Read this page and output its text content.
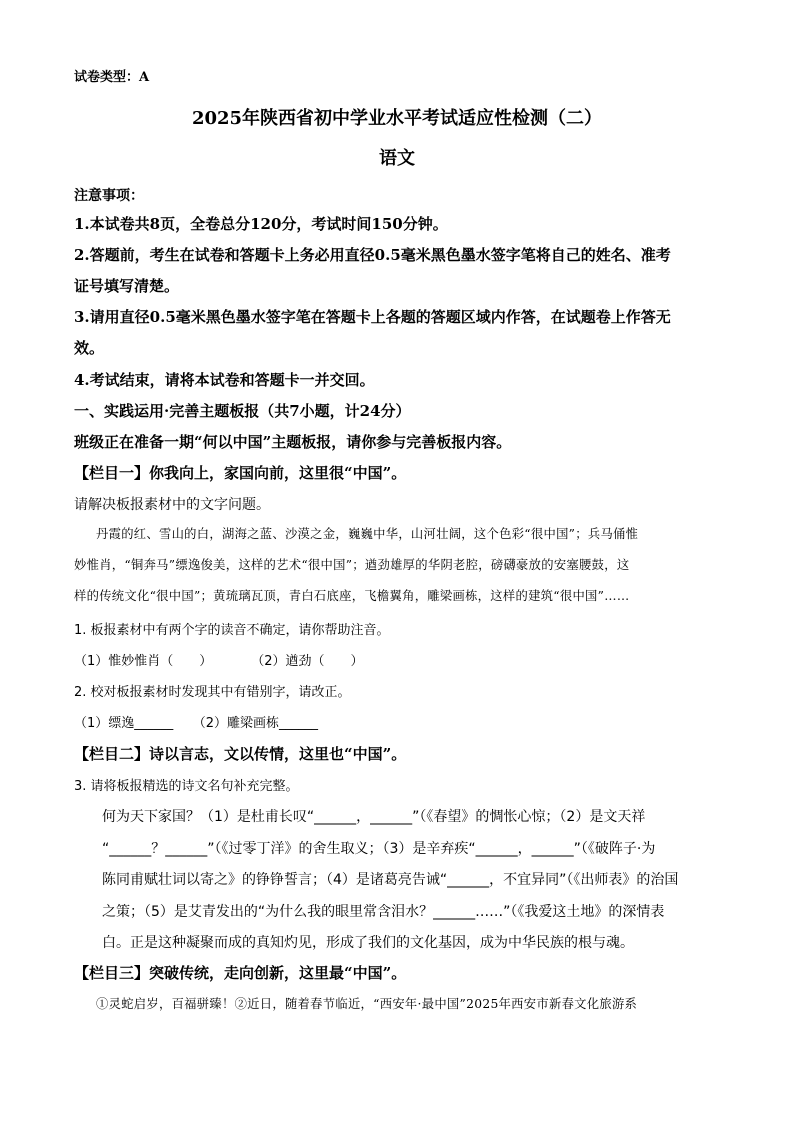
试卷类型：A
2025年陕西省初中学业水平考试适应性检测（二）
语文
注意事项：
1.本试卷共8页，全卷总分120分，考试时间150分钟。
2.答题前，考生在试卷和答题卡上务必用直径0.5毫米黑色墨水签字笔将自己的姓名、准考
证号填写清楚。
3.请用直径0.5毫米黑色墨水签字笔在答题卡上各题的答题区域内作答，在试题卷上作答无
效。
4.考试结束，请将本试卷和答题卡一并交回。
一、实践运用·完善主题板报（共7小题，计24分）
班级正在准备一期“何以中国”主题板报，请你参与完善板报内容。
【栏目一】你我向上，家国向前，这里很“中国”。
请解决板报素材中的文字问题。
丹霞的红、雪山的白，湖海之蓝、沙漠之金，巍巍中华，山河壮阔，这个色彩“很中国”；兵马俑惟
妙惟肖，“铜奔马”缥逸俊美，这样的艺术“很中国”；遒劲雄厚的华阴老腔，磅礴豪放的安塞腰鼓，这
样的传统文化“很中国”；黄琉璃瓦顶，青白石底座，飞檐翼角，雕梁画栋，这样的建筑“很中国”……
1. 板报素材中有两个字的读音不确定，请你帮助注音。
（1）惟妙惟肖（　　）　　　　（2）遒劲（　　）
2. 校对板报素材时发现其中有错别字，请改正。
（1）缥逸______　　（2）雕梁画栋______
【栏目二】诗以言志，文以传情，这里也“中国”。
3. 请将板报精选的诗文名句补充完整。
何为天下家国？（1）是杜甫长叹“______，______”（《春望》的惆怅心惊；（2）是文天祥
“______？______”（《过零丁洋》的舍生取义；（3）是辛弃疾“______，______”（《破阵子·为
陈同甫赋壮词以寄之》的铮铮誓言；（4）是诸葛亮告诫“______，不宜异同”（《出师表》的治国
之策；（5）是艾青发出的“为什么我的眼里常含泪水？______……”（《我爱这土地》的深情表
白。正是这种凝聚而成的真知灼见，形成了我们的文化基因，成为中华民族的根与魂。
【栏目三】突破传统，走向创新，这里最“中国”。
①灵蛇启岁，百福骈臻！②近日，随着春节临近，“西安年·最中国”2025年西安市新春文化旅游系
